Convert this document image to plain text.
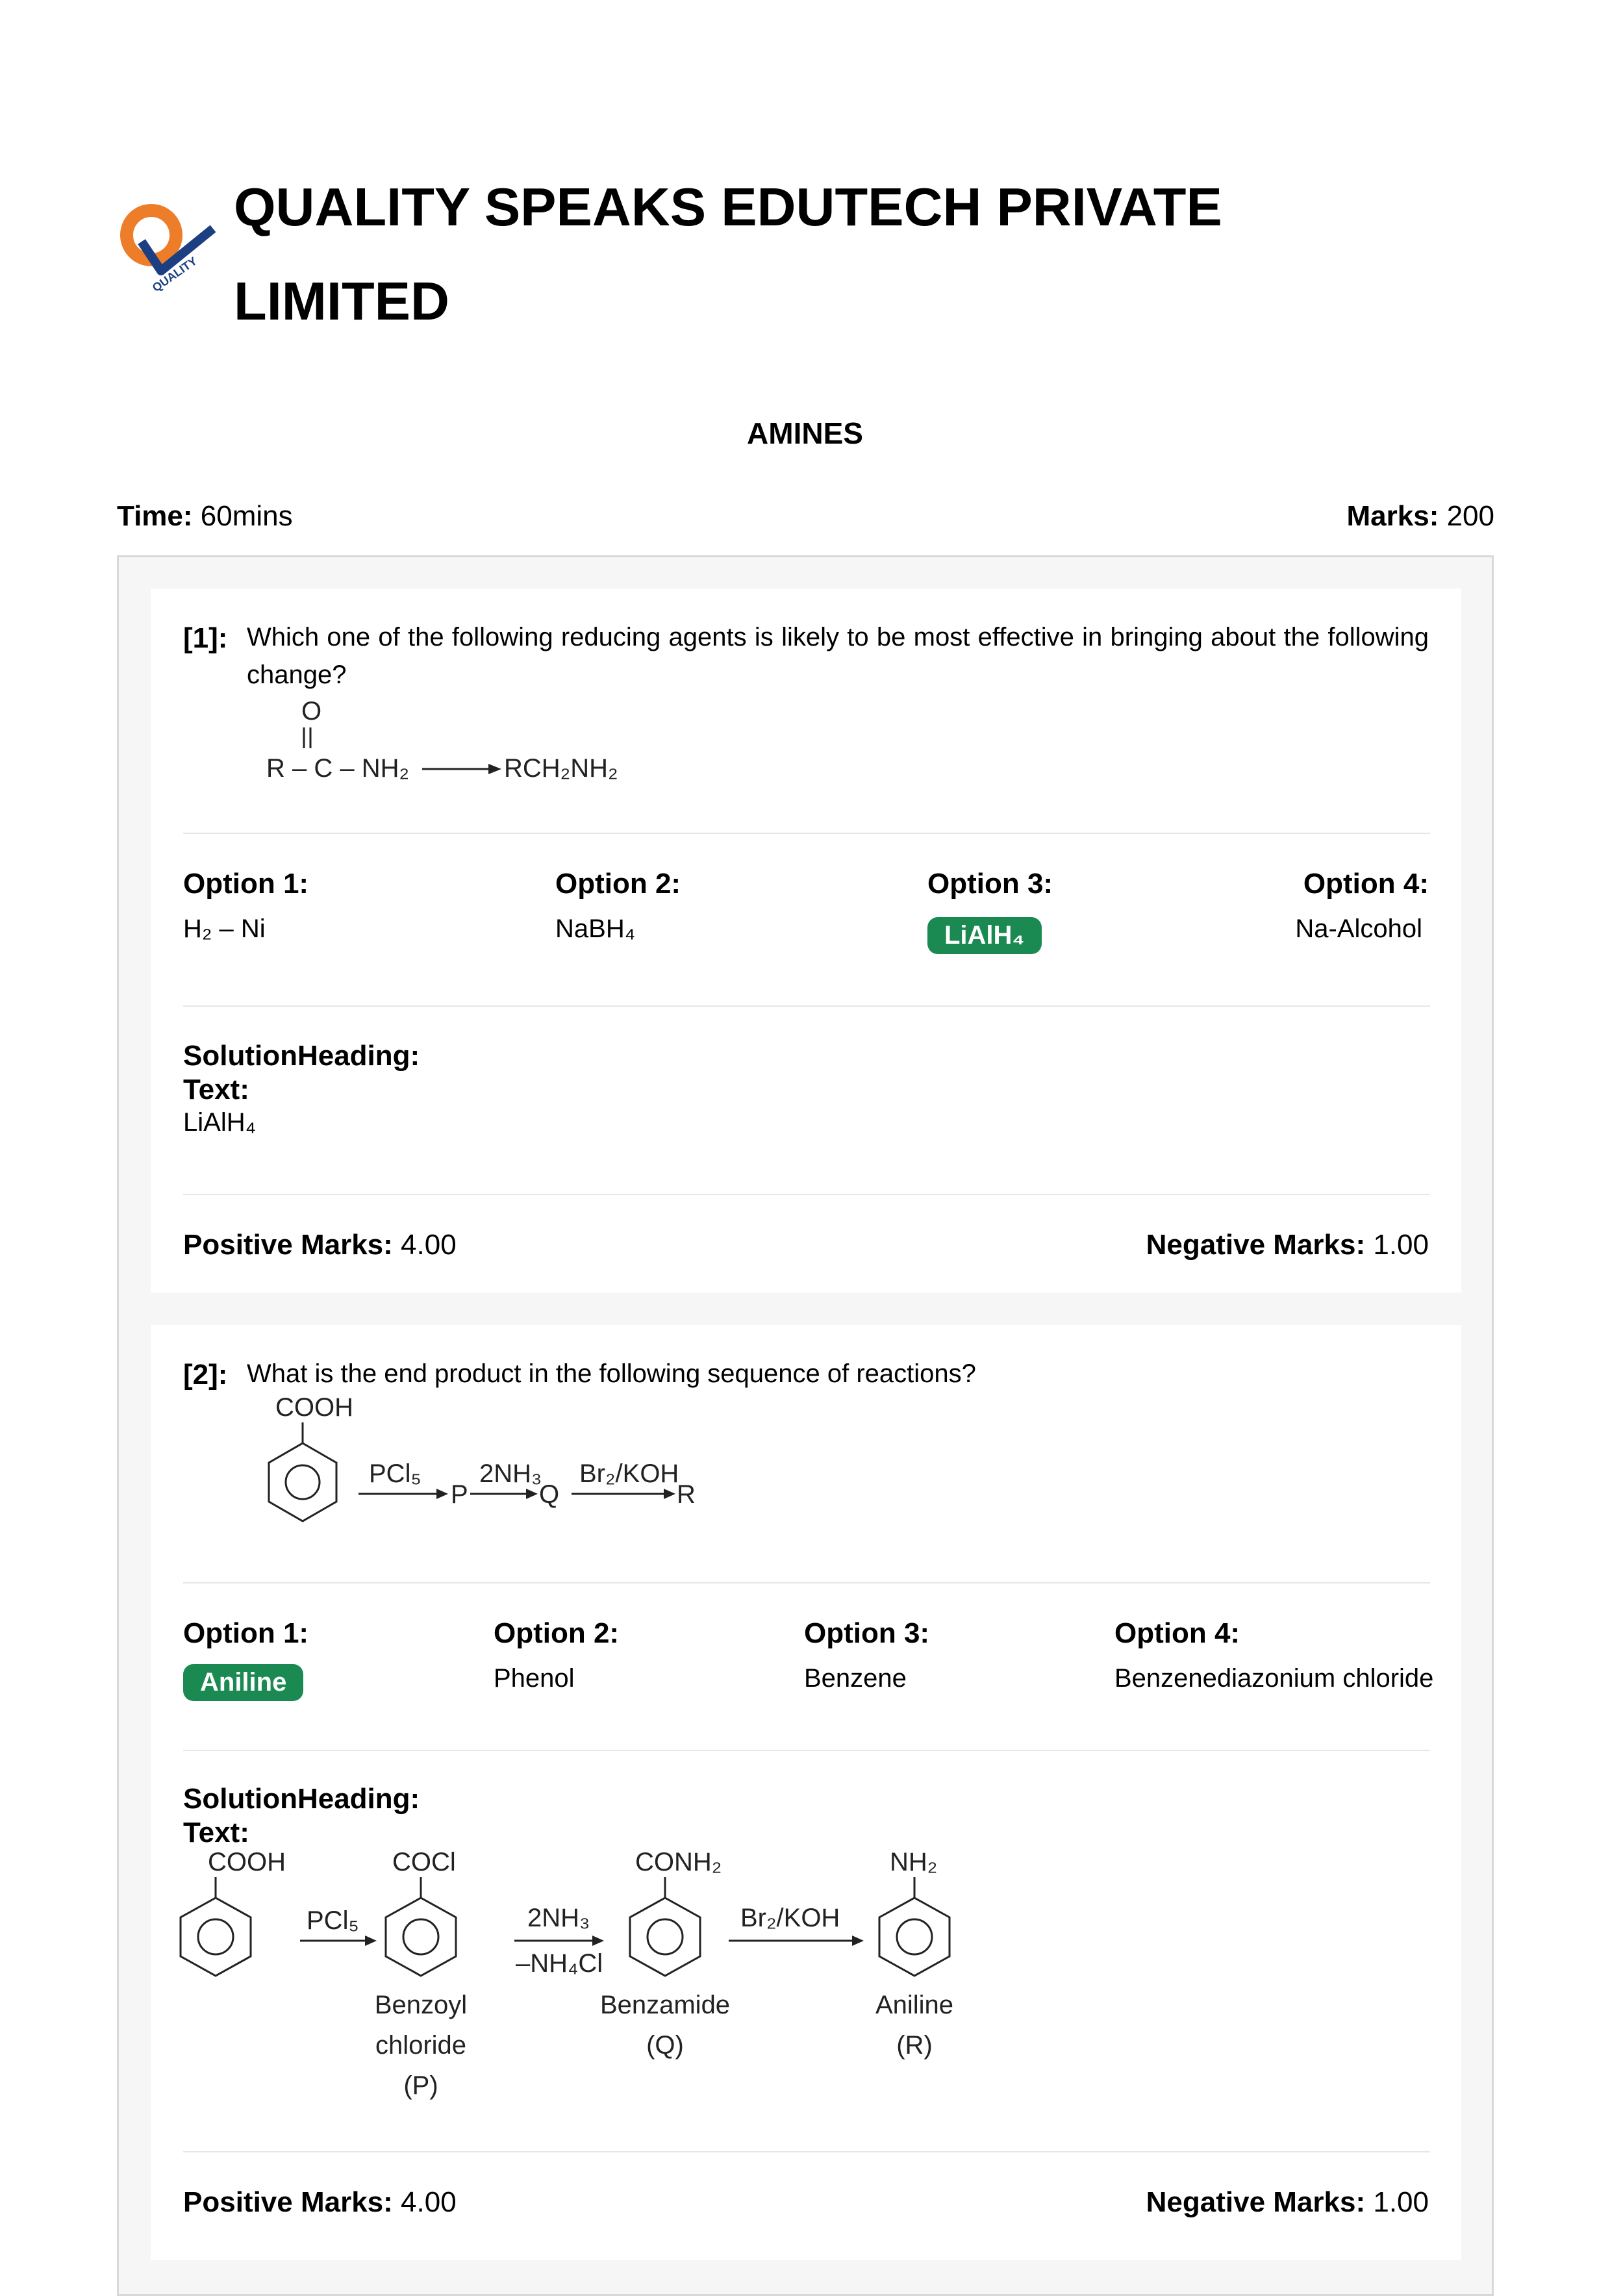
QUALITY
QUALITY SPEAKS EDUTECH PRIVATE LIMITED
AMINES
Time: 60mins	Marks: 200
[1]: Which one of the following reducing agents is likely to be most effective in bringing about the following change?
O
R – C – NH₂	RCH₂NH₂
Option 1:
H₂ – Ni
Option 2:
NaBH₄
Option 3:
LiAlH₄
Option 4:
Na-Alcohol
SolutionHeading:
Text:
LiAlH₄
Positive Marks: 4.00	Negative Marks: 1.00
[2]: What is the end product in the following sequence of reactions?
COOH
PCl₅
P
2NH₃
Q
Br₂/KOH
R
Option 1:
Aniline
Option 2:
Phenol
Option 3:
Benzene
Option 4:
Benzenediazonium chloride
SolutionHeading:
Text:
COOH
PCl₅
COCl
Benzoyl
chloride
(P)
2NH₃
–NH₄Cl
CONH₂
Benzamide
(Q)
Br₂/KOH
NH₂
Aniline
(R)
Positive Marks: 4.00	Negative Marks: 1.00
